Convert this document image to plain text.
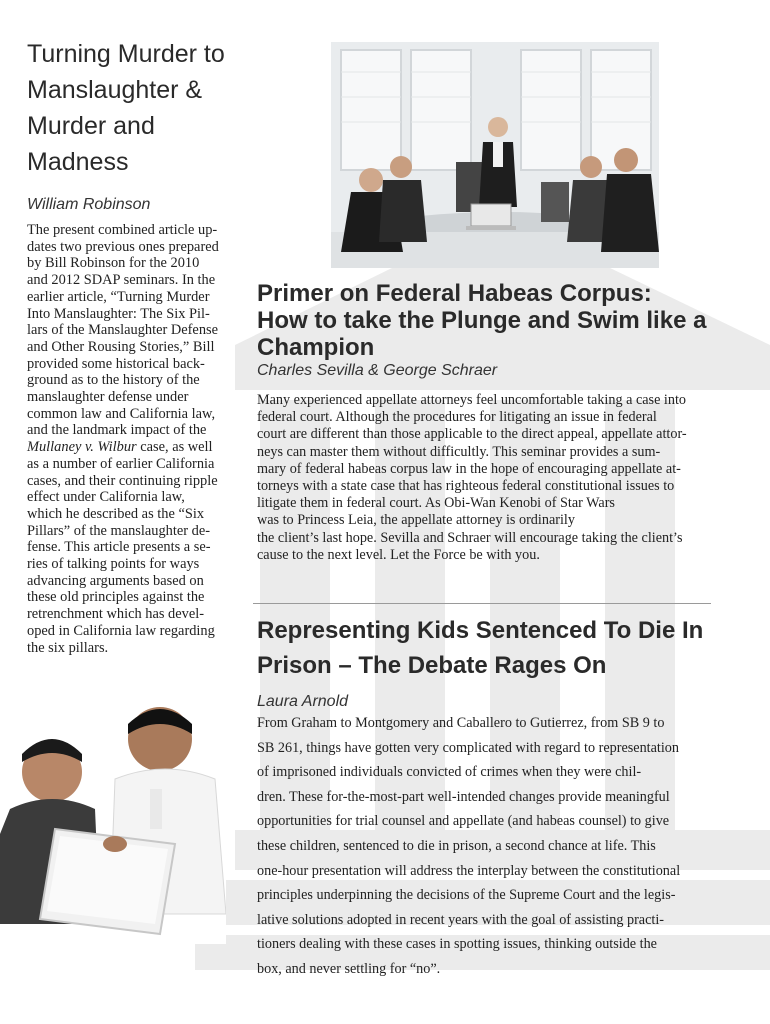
Turning Murder to
Manslaughter &
Murder and Madness
William Robinson
The present combined article up-
dates two previous ones prepared
by Bill Robinson for the 2010
and 2012 SDAP seminars. In the
earlier article, “Turning Murder
Into Manslaughter: The Six Pil-
lars of the Manslaughter Defense
and Other Rousing Stories,” Bill
provided some historical back-
ground as to the history of the
manslaughter defense under
common law and California law,
and the landmark impact of the
Mullaney v. Wilbur case, as well
as a number of earlier California
cases, and their continuing ripple
effect under California law,
which he described as the “Six
Pillars” of the manslaughter de-
fense. This article presents a se-
ries of talking points for ways
advancing arguments based on
these old principles against the
retrenchment which has devel-
oped in California law regarding
the six pillars.
Primer on Federal Habeas Corpus:
How to take the Plunge and Swim like a
Champion
Charles Sevilla & George Schraer
Many experienced appellate attorneys feel uncomfortable taking a case into
federal court. Although the procedures for litigating an issue in federal
court are different than those applicable to the direct appeal, appellate attor-
neys can master them without difficultly. This seminar provides a sum-
mary of federal habeas corpus law in the hope of encouraging appellate at-
torneys with a state case that has righteous federal constitutional issues to
litigate them in federal court. As Obi-Wan Kenobi of Star Wars
was to Princess Leia, the appellate attorney is ordinarily
the client’s last hope. Sevilla and Schraer will encourage taking the client’s
cause to the next level. Let the Force be with you.
Representing Kids Sentenced To Die In
Prison – The Debate Rages On
Laura Arnold
From Graham to Montgomery and Caballero to Gutierrez, from SB 9 to
SB 261, things have gotten very complicated with regard to representation
of imprisoned individuals convicted of crimes when they were chil-
dren. These for-the-most-part well-intended changes provide meaningful
opportunities for trial counsel and appellate (and habeas counsel) to give
these children, sentenced to die in prison, a second chance at life. This
one-hour presentation will address the interplay between the constitutional
principles underpinning the decisions of the Supreme Court and the legis-
lative solutions adopted in recent years with the goal of assisting practi-
tioners dealing with these cases in spotting issues, thinking outside the
box, and never settling for “no”.
